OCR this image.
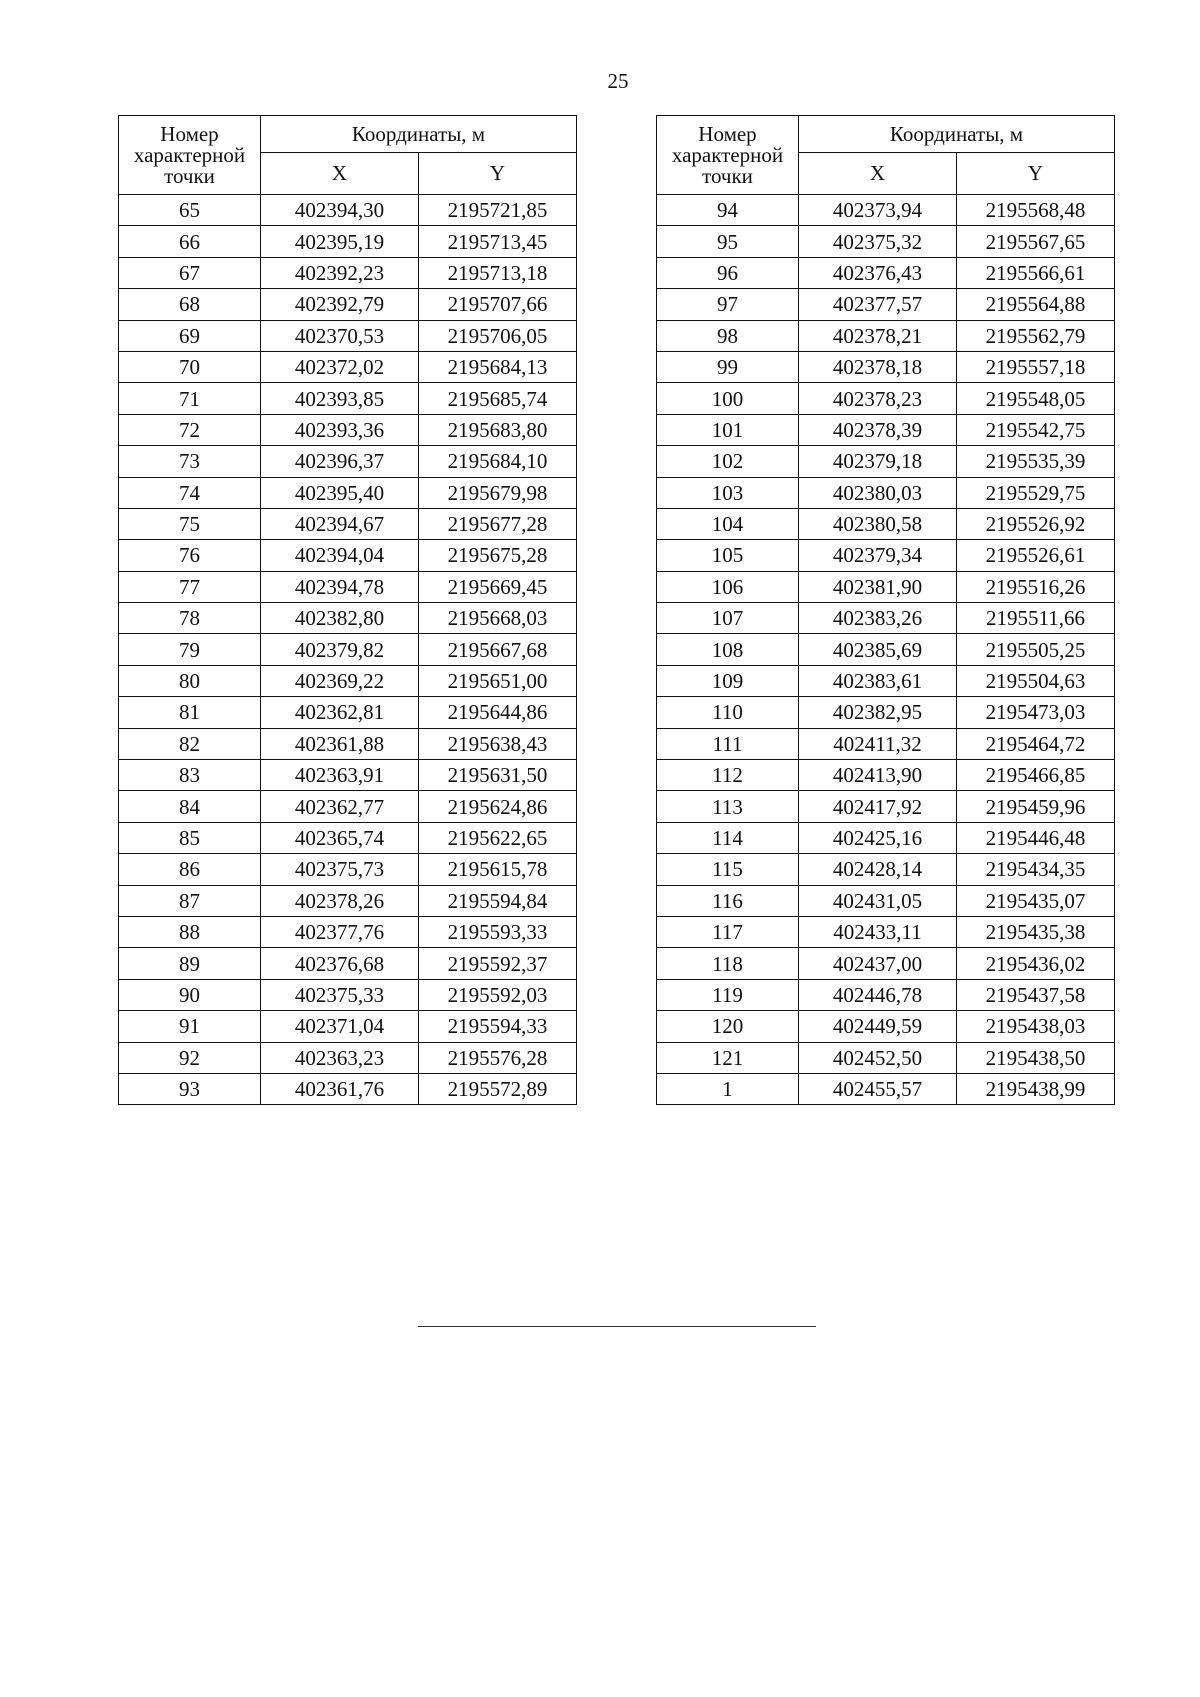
25
Номер характерной точки	Координаты, м	
	X	Y
65	402394,30	2195721,85
66	402395,19	2195713,45
67	402392,23	2195713,18
68	402392,79	2195707,66
69	402370,53	2195706,05
70	402372,02	2195684,13
71	402393,85	2195685,74
72	402393,36	2195683,80
73	402396,37	2195684,10
74	402395,40	2195679,98
75	402394,67	2195677,28
76	402394,04	2195675,28
77	402394,78	2195669,45
78	402382,80	2195668,03
79	402379,82	2195667,68
80	402369,22	2195651,00
81	402362,81	2195644,86
82	402361,88	2195638,43
83	402363,91	2195631,50
84	402362,77	2195624,86
85	402365,74	2195622,65
86	402375,73	2195615,78
87	402378,26	2195594,84
88	402377,76	2195593,33
89	402376,68	2195592,37
90	402375,33	2195592,03
91	402371,04	2195594,33
92	402363,23	2195576,28
93	402361,76	2195572,89
Номер характерной точки	Координаты, м	
	X	Y
94	402373,94	2195568,48
95	402375,32	2195567,65
96	402376,43	2195566,61
97	402377,57	2195564,88
98	402378,21	2195562,79
99	402378,18	2195557,18
100	402378,23	2195548,05
101	402378,39	2195542,75
102	402379,18	2195535,39
103	402380,03	2195529,75
104	402380,58	2195526,92
105	402379,34	2195526,61
106	402381,90	2195516,26
107	402383,26	2195511,66
108	402385,69	2195505,25
109	402383,61	2195504,63
110	402382,95	2195473,03
111	402411,32	2195464,72
112	402413,90	2195466,85
113	402417,92	2195459,96
114	402425,16	2195446,48
115	402428,14	2195434,35
116	402431,05	2195435,07
117	402433,11	2195435,38
118	402437,00	2195436,02
119	402446,78	2195437,58
120	402449,59	2195438,03
121	402452,50	2195438,50
1	402455,57	2195438,99
